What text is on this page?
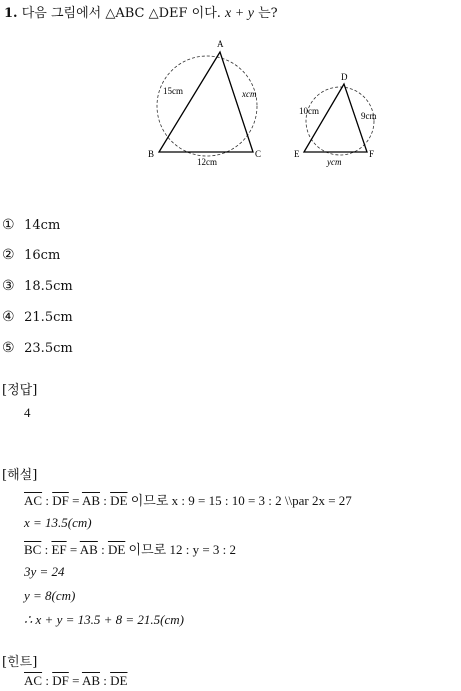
1. 다음 그림에서 △ABC △DEF 이다. x + y 는?
A
B	C
15cm	xcm
12cm
D
E	F
10cm	9cm
ycm
① 14cm
② 16cm
③ 18.5cm
④ 21.5cm
⑤ 23.5cm
[정답]
4
[해설]
$\overline{AC}$ : $\overline{DF} = \overline{AB}$ : $\overline{DE}$ 이므로 x : 9 = 15 : 10 = 3 : 2 \\par 2x = 27
x = 13.5(cm)
$\overline{BC}$ : $\overline{EF} = \overline{AB}$ : $\overline{DE}$ 이므로 12 : y = 3 : 2
3y = 24
y = 8(cm)
∴ x + y = 13.5 + 8 = 21.5(cm)
[힌트]
$\overline{AC}$ : $\overline{DF} = \overline{AB}$ : $\overline{DE}$
